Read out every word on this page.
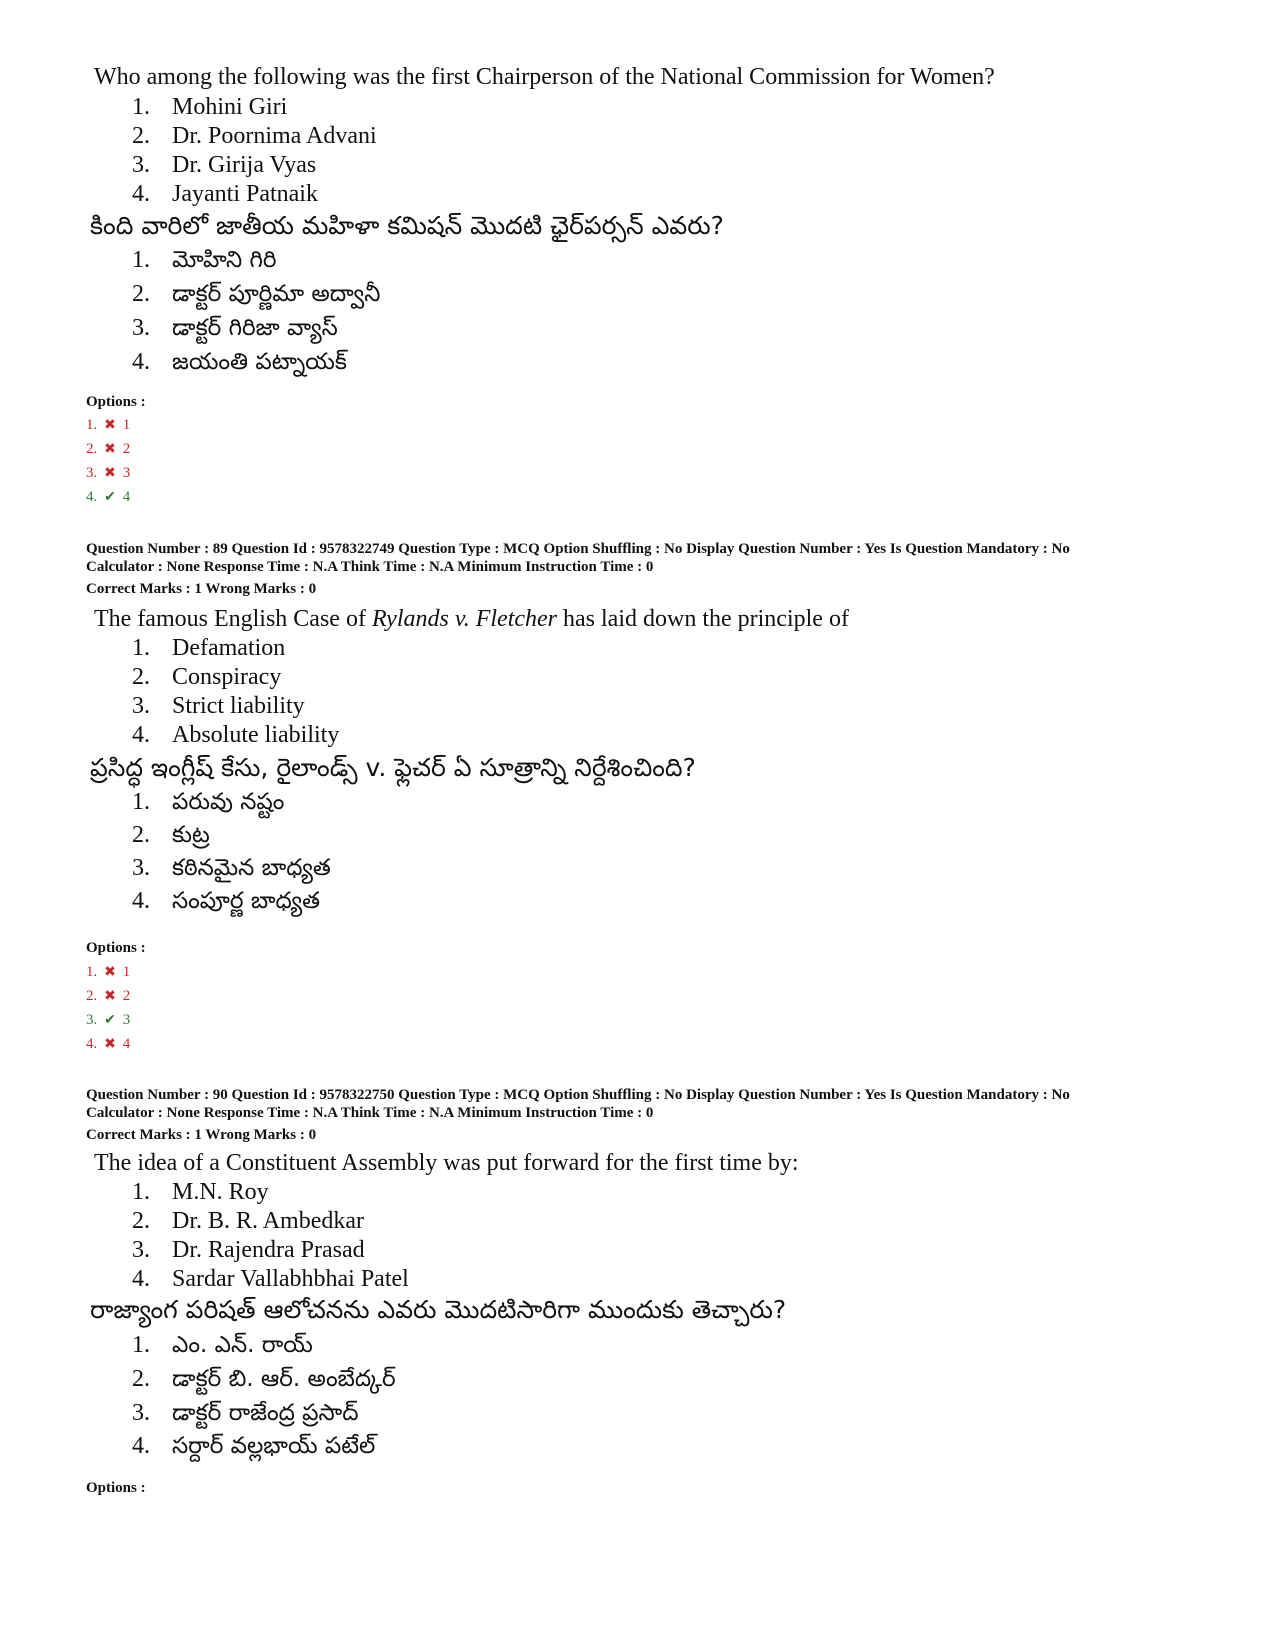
Who among the following was the first Chairperson of the National Commission for Women?
1. Mohini Giri
2. Dr. Poornima Advani
3. Dr. Girija Vyas
4. Jayanti Patnaik
కింది వారిలో జాతీయ మహిళా కమిషన్ మొదటి ఛైర్‌పర్సన్ ఎవరు?
1. మోహిని గిరి
2. డాక్టర్ పూర్ణిమా అద్వానీ
3. డాక్టర్ గిరిజా వ్యాస్
4. జయంతి పట్నాయక్
Options :
1. ✖ 1
2. ✖ 2
3. ✖ 3
4. ✔ 4
Question Number : 89 Question Id : 9578322749 Question Type : MCQ Option Shuffling : No Display Question Number : Yes Is Question Mandatory : No
Calculator : None Response Time : N.A Think Time : N.A Minimum Instruction Time : 0
Correct Marks : 1 Wrong Marks : 0
The famous English Case of Rylands v. Fletcher has laid down the principle of
1. Defamation
2. Conspiracy
3. Strict liability
4. Absolute liability
ప్రసిద్ధ ఇంగ్లీష్ కేసు, రైలాండ్స్ v. ఫ్లెచర్ ఏ సూత్రాన్ని నిర్దేశించింది?
1. పరువు నష్టం
2. కుట్ర
3. కఠినమైన బాధ్యత
4. సంపూర్ణ బాధ్యత
Options :
1. ✖ 1
2. ✖ 2
3. ✔ 3
4. ✖ 4
Question Number : 90 Question Id : 9578322750 Question Type : MCQ Option Shuffling : No Display Question Number : Yes Is Question Mandatory : No
Calculator : None Response Time : N.A Think Time : N.A Minimum Instruction Time : 0
Correct Marks : 1 Wrong Marks : 0
The idea of a Constituent Assembly was put forward for the first time by:
1. M.N. Roy
2. Dr. B. R. Ambedkar
3. Dr. Rajendra Prasad
4. Sardar Vallabhbhai Patel
రాజ్యాంగ పరిషత్ ఆలోచనను ఎవరు మొదటిసారిగా ముందుకు తెచ్చారు?
1. ఎం. ఎన్. రాయ్
2. డాక్టర్ బి. ఆర్. అంబేద్కర్
3. డాక్టర్ రాజేంద్ర ప్రసాద్
4. సర్దార్ వల్లభాయ్ పటేల్
Options :
